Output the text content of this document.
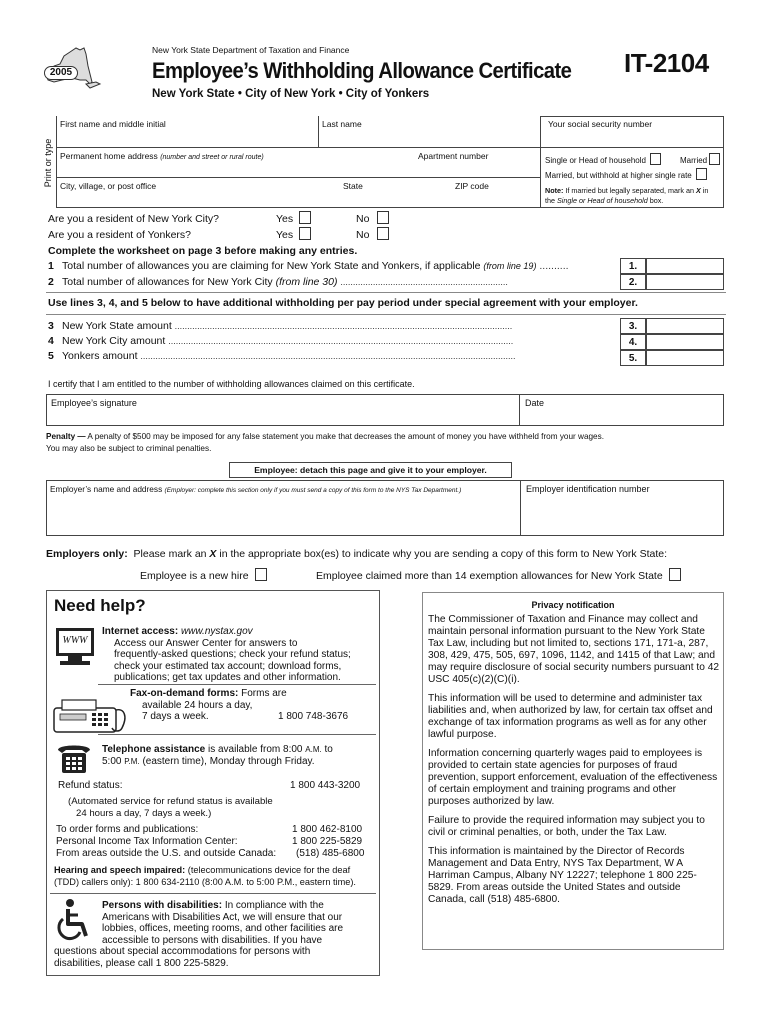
2005
New York State Department of Taxation and Finance
Employee’s Withholding Allowance Certificate IT-2104
New York State • City of New York • City of Yonkers
Print or type
First name and middle initial	Last name	Your social security number
Permanent home address (number and street or rural route)	Apartment number
City, village, or post office	State	ZIP code
Single or Head of household	Married
Married, but withhold at higher single rate
Note: If married but legally separated, mark an X in
the Single or Head of household box.
Are you a resident of New York City?	Yes	No
Are you a resident of Yonkers?	Yes	No
Complete the worksheet on page 3 before making any entries.
1 Total number of allowances you are claiming for New York State and Yonkers, if applicable (from line 19) ..........	1.
2 Total number of allowances for New York City (from line 30) ...................................................................	2.
Use lines 3, 4, and 5 below to have additional withholding per pay period under special agreement with your employer.
3 New York State amount .......................................................................................................................................	3.
4 New York City amount ..........................................................................................................................................	4.
5 Yonkers amount ......................................................................................................................................................	5.
I certify that I am entitled to the number of withholding allowances claimed on this certificate.
Employee’s signature	Date
Penalty — A penalty of $500 may be imposed for any false statement you make that decreases the amount of money you have withheld from your wages.
You may also be subject to criminal penalties.
Employee: detach this page and give it to your employer.
Employer’s name and address (Employer: complete this section only if you must send a copy of this form to the NYS Tax Department.)	Employer identification number
Employers only: Please mark an X in the appropriate box(es) to indicate why you are sending a copy of this form to New York State:
Employee is a new hire	Employee claimed more than 14 exemption allowances for New York State
Need help?
WWW
Internet access: www.nystax.gov
Access our Answer Center for answers to
frequently-asked questions; check your refund status;
check your estimated tax account; download forms,
publications; get tax updates and other information.
Fax-on-demand forms: Forms are
available 24 hours a day,
7 days a week.	1 800 748-3676
Telephone assistance is available from 8:00 A.M. to
5:00 P.M. (eastern time), Monday through Friday.
Refund status:	1 800 443-3200
(Automated service for refund status is available
24 hours a day, 7 days a week.)
To order forms and publications:	1 800 462-8100
Personal Income Tax Information Center:	1 800 225-5829
From areas outside the U.S. and outside Canada: (518) 485-6800
Hearing and speech impaired: (telecommunications device for the deaf
(TDD) callers only): 1 800 634-2110 (8:00 A.M. to 5:00 P.M., eastern time).
Persons with disabilities: In compliance with the
Americans with Disabilities Act, we will ensure that our
lobbies, offices, meeting rooms, and other facilities are
accessible to persons with disabilities. If you have
questions about special accommodations for persons with
disabilities, please call 1 800 225-5829.
Privacy notification

The Commissioner of Taxation and Finance may collect and maintain personal information pursuant to the New York State Tax Law, including but not limited to, sections 171, 171-a, 287, 308, 429, 475, 505, 697, 1096, 1142, and 1415 of that Law; and may require disclosure of social security numbers pursuant to 42 USC 405(c)(2)(C)(i).

This information will be used to determine and administer tax liabilities and, when authorized by law, for certain tax offset and exchange of tax information programs as well as for any other lawful purpose.

Information concerning quarterly wages paid to employees is provided to certain state agencies for purposes of fraud prevention, support enforcement, evaluation of the effectiveness of certain employment and training programs and other purposes authorized by law.

Failure to provide the required information may subject you to civil or criminal penalties, or both, under the Tax Law.

This information is maintained by the Director of Records Management and Data Entry, NYS Tax Department, W A Harriman Campus, Albany NY 12227; telephone 1 800 225-5829. From areas outside the United States and outside Canada, call (518) 485-6800.
